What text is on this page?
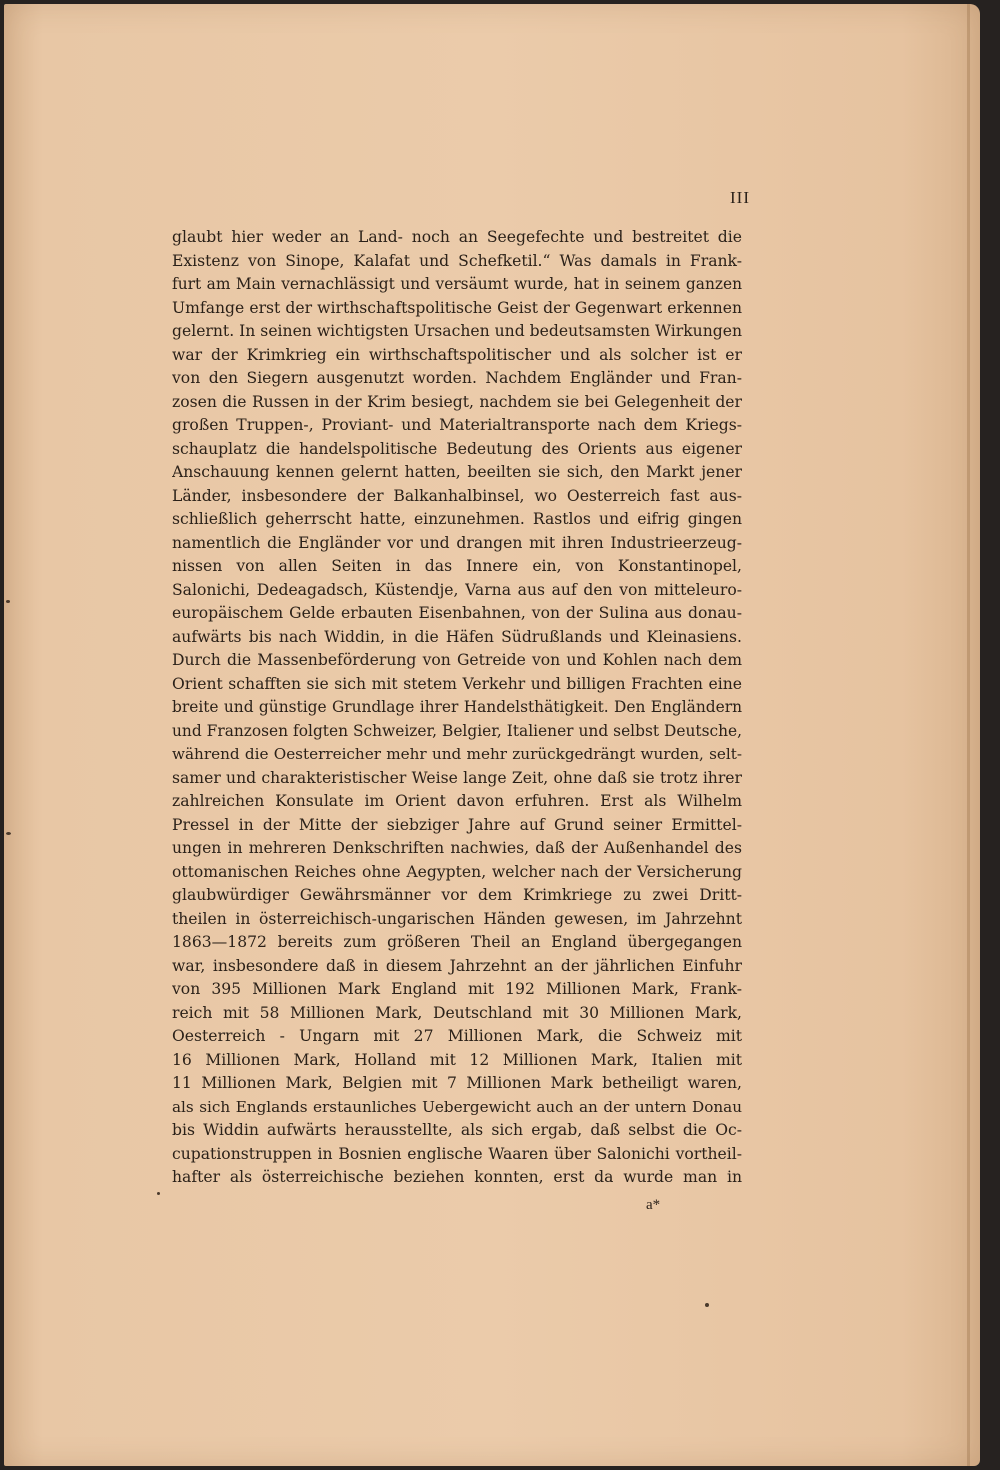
III
glaubt hier weder an Land- noch an Seegefechte und bestreitet die
Existenz von Sinope, Kalafat und Schefketil.“ Was damals in Frank-
furt am Main vernachlässigt und versäumt wurde, hat in seinem ganzen
Umfange erst der wirthschaftspolitische Geist der Gegenwart erkennen
gelernt. In seinen wichtigsten Ursachen und bedeutsamsten Wirkungen
war der Krimkrieg ein wirthschaftspolitischer und als solcher ist er
von den Siegern ausgenutzt worden. Nachdem Engländer und Fran-
zosen die Russen in der Krim besiegt, nachdem sie bei Gelegenheit der
großen Truppen-, Proviant- und Materialtransporte nach dem Kriegs-
schauplatz die handelspolitische Bedeutung des Orients aus eigener
Anschauung kennen gelernt hatten, beeilten sie sich, den Markt jener
Länder, insbesondere der Balkanhalbinsel, wo Oesterreich fast aus-
schließlich geherrscht hatte, einzunehmen. Rastlos und eifrig gingen
namentlich die Engländer vor und drangen mit ihren Industrieerzeug-
nissen von allen Seiten in das Innere ein, von Konstantinopel,
Salonichi, Dedeagadsch, Küstendje, Varna aus auf den von mitteleuro-
europäischem Gelde erbauten Eisenbahnen, von der Sulina aus donau-
aufwärts bis nach Widdin, in die Häfen Südrußlands und Kleinasiens.
Durch die Massenbeförderung von Getreide von und Kohlen nach dem
Orient schafften sie sich mit stetem Verkehr und billigen Frachten eine
breite und günstige Grundlage ihrer Handelsthätigkeit. Den Engländern
und Franzosen folgten Schweizer, Belgier, Italiener und selbst Deutsche,
während die Oesterreicher mehr und mehr zurückgedrängt wurden, selt-
samer und charakteristischer Weise lange Zeit, ohne daß sie trotz ihrer
zahlreichen Konsulate im Orient davon erfuhren. Erst als Wilhelm
Pressel in der Mitte der siebziger Jahre auf Grund seiner Ermittel-
ungen in mehreren Denkschriften nachwies, daß der Außenhandel des
ottomanischen Reiches ohne Aegypten, welcher nach der Versicherung
glaubwürdiger Gewährsmänner vor dem Krimkriege zu zwei Dritt-
theilen in österreichisch-ungarischen Händen gewesen, im Jahrzehnt
1863—1872 bereits zum größeren Theil an England übergegangen
war, insbesondere daß in diesem Jahrzehnt an der jährlichen Einfuhr
von 395 Millionen Mark England mit 192 Millionen Mark, Frank-
reich mit 58 Millionen Mark, Deutschland mit 30 Millionen Mark,
Oesterreich - Ungarn mit 27 Millionen Mark, die Schweiz mit
16 Millionen Mark, Holland mit 12 Millionen Mark, Italien mit
11 Millionen Mark, Belgien mit 7 Millionen Mark betheiligt waren,
als sich Englands erstaunliches Uebergewicht auch an der untern Donau
bis Widdin aufwärts herausstellte, als sich ergab, daß selbst die Oc-
cupationstruppen in Bosnien englische Waaren über Salonichi vortheil-
hafter als österreichische beziehen konnten, erst da wurde man in
a*
